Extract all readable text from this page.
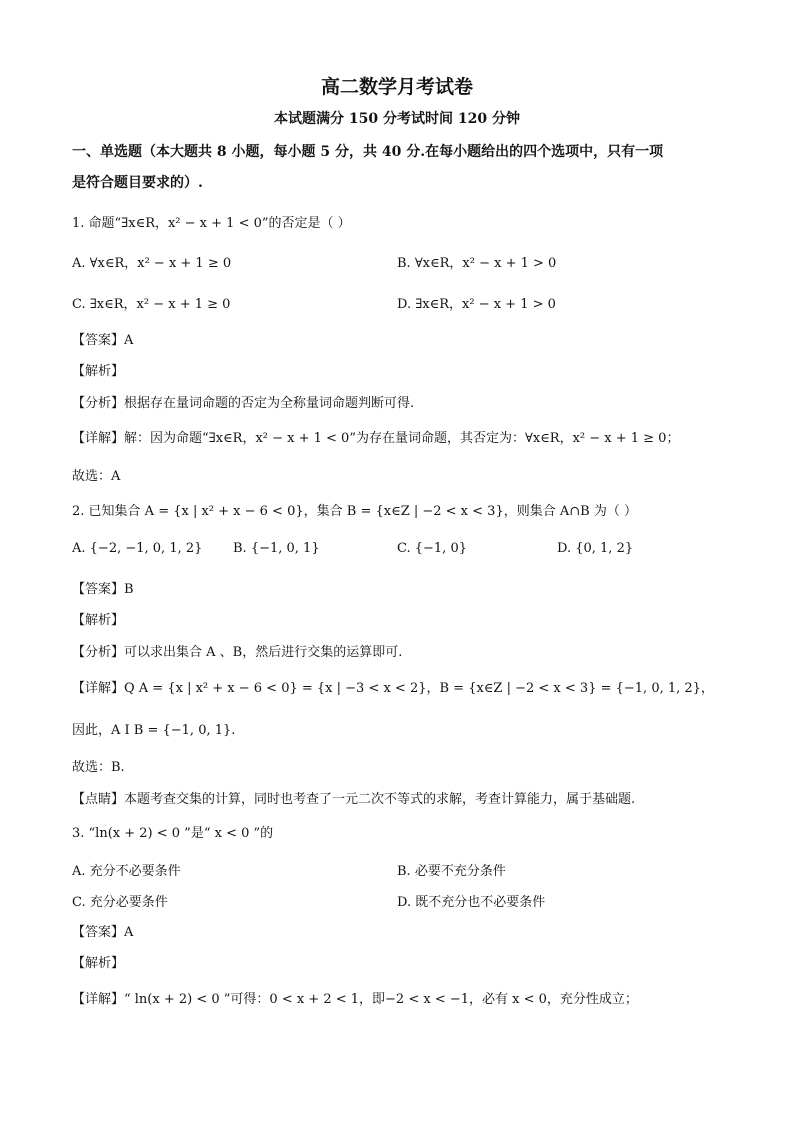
高二数学月考试卷
本试题满分 150 分考试时间 120 分钟
一、单选题（本大题共 8 小题，每小题 5 分，共 40 分.在每小题给出的四个选项中，只有一项
是符合题目要求的）.
1. 命题“∃x∈R，x² − x + 1 < 0”的否定是（ ）
A. ∀x∈R，x² − x + 1 ≥ 0	B. ∀x∈R，x² − x + 1 > 0
C. ∃x∈R，x² − x + 1 ≥ 0	D. ∃x∈R，x² − x + 1 > 0
【答案】A
【解析】
【分析】根据存在量词命题的否定为全称量词命题判断可得.
【详解】解：因为命题“∃x∈R，x² − x + 1 < 0”为存在量词命题，其否定为：∀x∈R，x² − x + 1 ≥ 0；
故选：A
2. 已知集合 A = {x | x² + x − 6 < 0}，集合 B = {x∈Z | −2 < x < 3}，则集合 A∩B 为（ ）
A. {−2, −1, 0, 1, 2} B. {−1, 0, 1}	C. {−1, 0}	D. {0, 1, 2}
【答案】B
【解析】
【分析】可以求出集合 A 、B，然后进行交集的运算即可.
【详解】Q A = {x | x² + x − 6 < 0} = {x | −3 < x < 2}，B = {x∈Z | −2 < x < 3} = {−1, 0, 1, 2}，
因此，A I B = {−1, 0, 1}.
故选：B.
【点睛】本题考查交集的计算，同时也考查了一元二次不等式的求解，考查计算能力，属于基础题.
3. “ln(x + 2) < 0 ”是“ x < 0 ”的
A. 充分不必要条件	B. 必要不充分条件
C. 充分必要条件	D. 既不充分也不必要条件
【答案】A
【解析】
【详解】“ ln(x + 2) < 0 ”可得：0 < x + 2 < 1，即−2 < x < −1，必有 x < 0，充分性成立；
